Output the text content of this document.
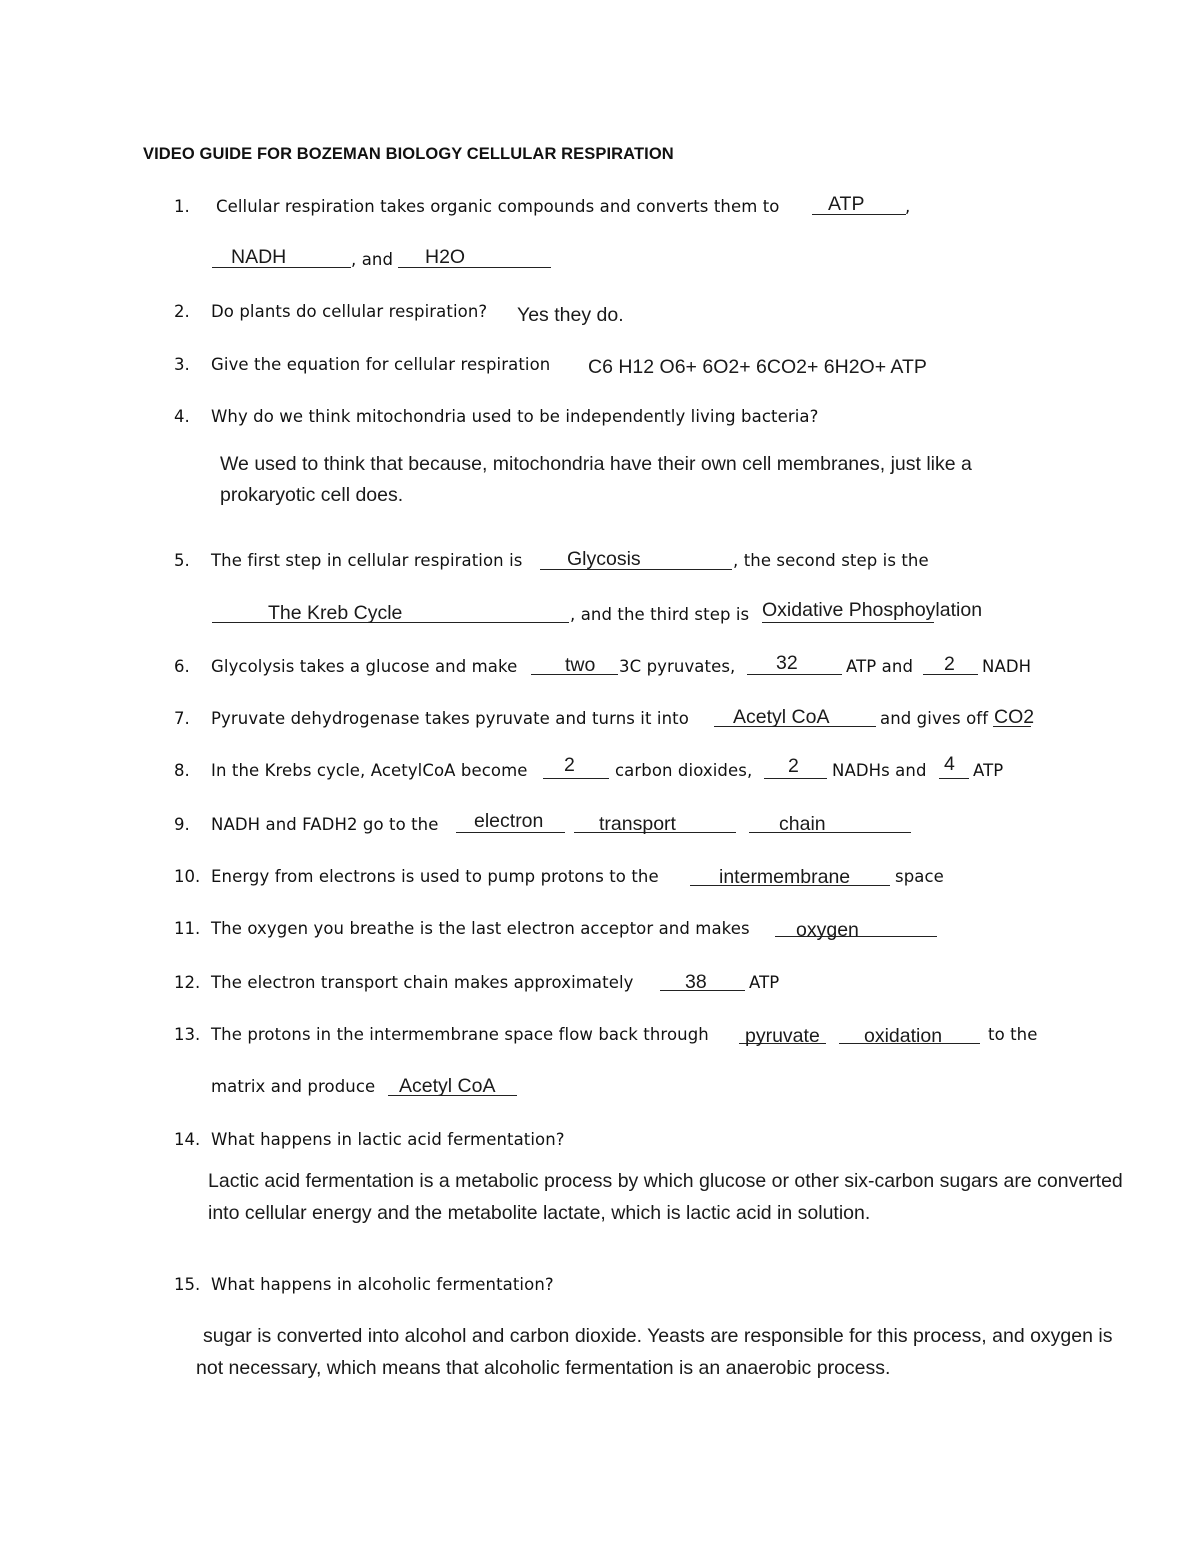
VIDEO GUIDE FOR BOZEMAN BIOLOGY CELLULAR RESPIRATION
1. Cellular respiration takes organic compounds and converts them to ATP ,
NADH	, and H2O
2. Do plants do cellular respiration? Yes they do.
3. Give the equation for cellular respiration C6 H12 O6+ 6O2+ 6CO2+ 6H2O+ ATP
4. Why do we think mitochondria used to be independently living bacteria?
We used to think that because, mitochondria have their own cell membranes, just like a
prokaryotic cell does.
5. The first step in cellular respiration is Glycosis	, the second step is the
The Kreb Cycle	, and the third step is Oxidative Phosphoylation
6. Glycolysis takes a glucose and make two 3C pyruvates, 32	ATP and 2 NADH
7. Pyruvate dehydrogenase takes pyruvate and turns it into Acetyl CoA	and gives off CO2
8. In the Krebs cycle, AcetylCoA become 2 carbon dioxides, 2 NADHs and 4 ATP
9. NADH and FADH2 go to the electron	transport	chain
10. Energy from electrons is used to pump protons to the	intermembrane	space
11. The oxygen you breathe is the last electron acceptor and makes oxygen
12. The electron transport chain makes approximately	38	ATP
13. The protons in the intermembrane space flow back through pyruvate oxidation	to the
matrix and produce Acetyl CoA
14. What happens in lactic acid fermentation?
Lactic acid fermentation is a metabolic process by which glucose or other six-carbon sugars are converted
into cellular energy and the metabolite lactate, which is lactic acid in solution.
15. What happens in alcoholic fermentation?
sugar is converted into alcohol and carbon dioxide. Yeasts are responsible for this process, and oxygen is
not necessary, which means that alcoholic fermentation is an anaerobic process.
